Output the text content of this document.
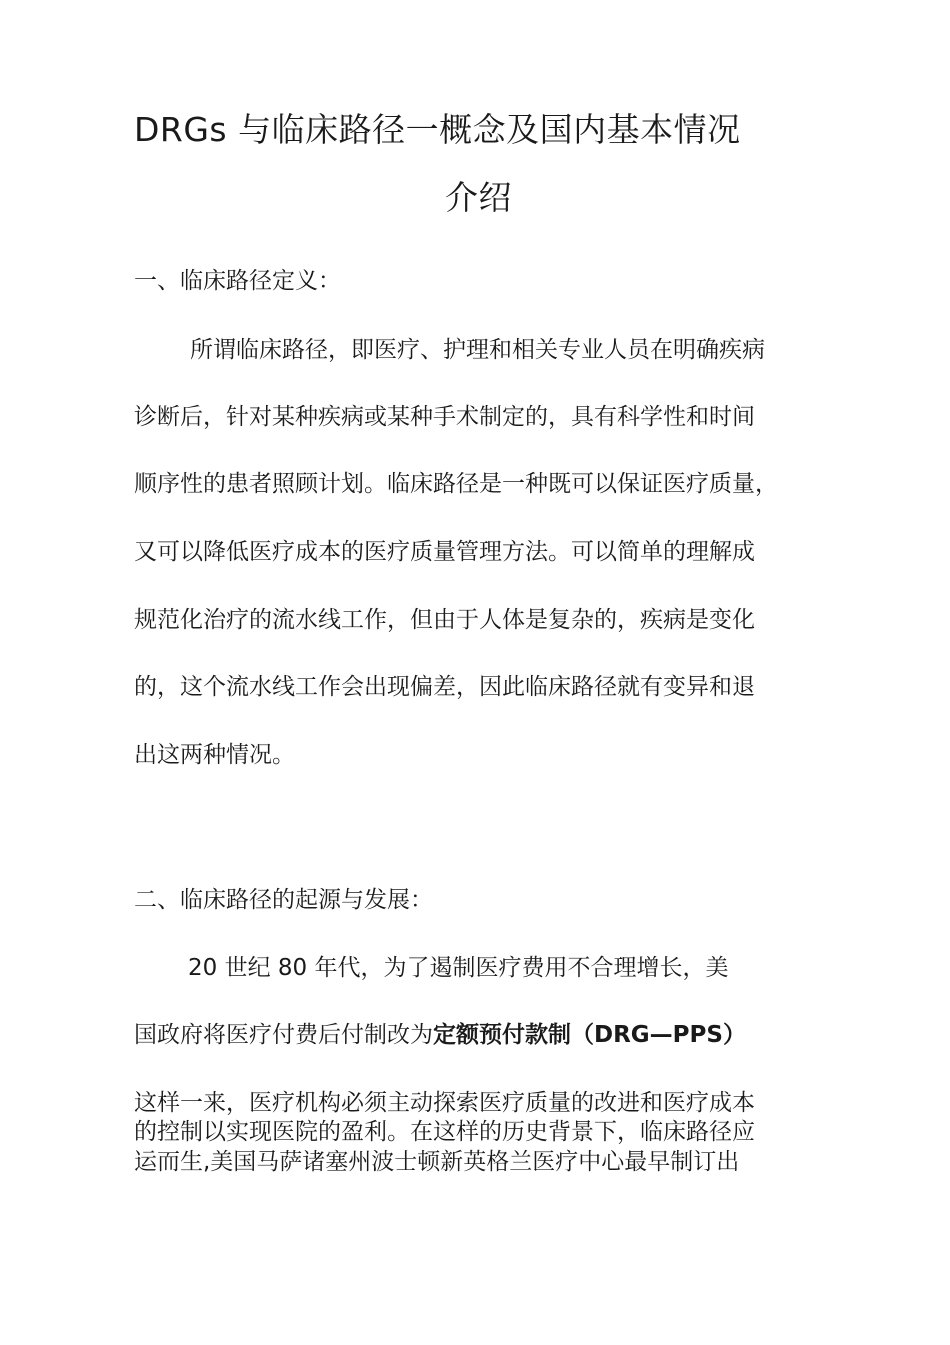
DRGs 与临床路径一概念及国内基本情况
介绍
一、临床路径定义：
所谓临床路径，即医疗、护理和相关专业人员在明确疾病
诊断后，针对某种疾病或某种手术制定的，具有科学性和时间
顺序性的患者照顾计划。临床路径是一种既可以保证医疗质量，
又可以降低医疗成本的医疗质量管理方法。可以简单的理解成
规范化治疗的流水线工作，但由于人体是复杂的，疾病是变化
的，这个流水线工作会出现偏差，因此临床路径就有变异和退
出这两种情况。
二、临床路径的起源与发展：
20 世纪 80 年代，为了遏制医疗费用不合理增长，美
国政府将医疗付费后付制改为定额预付款制（DRG—PPS）
这样一来，医疗机构必须主动探索医疗质量的改进和医疗成本
的控制以实现医院的盈利。在这样的历史背景下，临床路径应
运而生,美国马萨诸塞州波士顿新英格兰医疗中心最早制订出
